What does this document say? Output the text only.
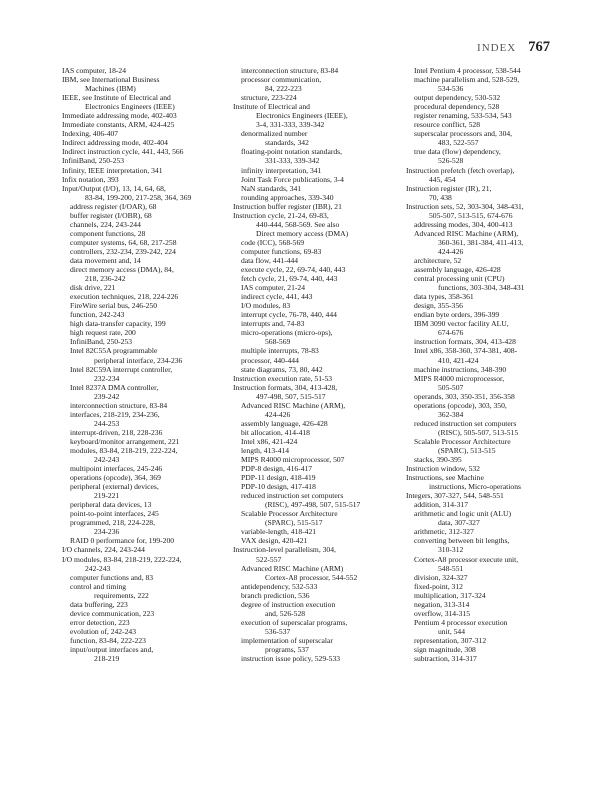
INDEX 767
IAS computer, 18-24
IBM, see International Business
Machines (IBM)
IEEE, see Institute of Electrical and
Electronics Engineers (IEEE)
Immediate addressing mode, 402-403
Immediate constants, ARM, 424-425
Indexing, 406-407
Indirect addressing mode, 402-404
Indirect instruction cycle, 441, 443, 566
InfiniBand, 250-253
Infinity, IEEE interpretation, 341
Infix notation, 393
Input/Output (I/O), 13, 14, 64, 68,
83-84, 199-200, 217-258, 364, 369
address register (I/OAR), 68
buffer register (I/OBR), 68
channels, 224, 243-244
component functions, 28
computer systems, 64, 68, 217-258
controllers, 232-234, 239-242, 224
data movement and, 14
direct memory access (DMA), 84,
218, 236-242
disk drive, 221
execution techniques, 218, 224-226
FireWire serial bus, 246-250
function, 242-243
high data-transfer capacity, 199
high request rate, 200
InfiniBand, 250-253
Intel 82C55A programmable
peripheral interface, 234-236
Intel 82C59A interrupt controller,
232-234
Intel 8237A DMA controller,
239-242
interconnection structure, 83-84
interfaces, 218-219, 234-236,
244-253
interrupt-driven, 218, 228-236
keyboard/monitor arrangement, 221
modules, 83-84, 218-219, 222-224,
242-243
multipoint interfaces, 245-246
operations (opcode), 364, 369
peripheral (external) devices,
219-221
peripheral data devices, 13
point-to-point interfaces, 245
programmed, 218, 224-228,
234-236
RAID 0 performance for, 199-200
I/O channels, 224, 243-244
I/O modules, 83-84, 218-219, 222-224,
242-243
computer functions and, 83
control and timing
requirements, 222
data buffering, 223
device communication, 223
error detection, 223
evolution of, 242-243
function, 83-84, 222-223
input/output interfaces and,
218-219
interconnection structure, 83-84
processor communication,
84, 222-223
structure, 223-224
Institute of Electrical and
Electronics Engineers (IEEE),
3-4, 331-333, 339-342
denormalized number
standards, 342
floating-point notation standards,
331-333, 339-342
infinity interpretation, 341
Joint Task Force publications, 3-4
NaN standards, 341
rounding approaches, 339-340
Instruction buffer register (IBR), 21
Instruction cycle, 21-24, 69-83,
440-444, 568-569. See also
Direct memory access (DMA)
code (ICC), 568-569
computer functions, 69-83
data flow, 441-444
execute cycle, 22, 69-74, 440, 443
fetch cycle, 21, 69-74, 440, 443
IAS computer, 21-24
indirect cycle, 441, 443
I/O modules, 83
interrupt cycle, 76-78, 440, 444
interrupts and, 74-83
micro-operations (micro-ops),
568-569
multiple interrupts, 78-83
processor, 440-444
state diagrams, 73, 80, 442
Instruction execution rate, 51-53
Instruction formats, 304, 413-428,
497-498, 507, 515-517
Advanced RISC Machine (ARM),
424-426
assembly language, 426-428
bit allocation, 414-418
Intel x86, 421-424
length, 413-414
MIPS R4000 microprocessor, 507
PDP-8 design, 416-417
PDP-11 design, 418-419
PDP-10 design, 417-418
reduced instruction set computers
(RISC), 497-498, 507, 515-517
Scalable Processor Architecture
(SPARC), 515-517
variable-length, 418-421
VAX design, 420-421
Instruction-level parallelism, 304,
522-557
Advanced RISC Machine (ARM)
Cortex-A8 processor, 544-552
antidependency, 532-533
branch prediction, 536
degree of instruction execution
and, 526-528
execution of superscalar programs,
536-537
implementation of superscalar
programs, 537
instruction issue policy, 529-533
Intel Pentium 4 processor, 538-544
machine parallelism and, 528-529,
534-536
output dependency, 530-532
procedural dependency, 528
register renaming, 533-534, 543
resource conflict, 528
superscalar processors and, 304,
483, 522-557
true data (flow) dependency,
526-528
Instruction prefetch (fetch overlap),
445, 454
Instruction register (IR), 21,
70, 438
Instruction sets, 52, 303-304, 348-431,
505-507, 513-515, 674-676
addressing modes, 304, 400-413
Advanced RISC Machine (ARM),
360-361, 381-384, 411-413,
424-426
architecture, 52
assembly language, 426-428
central processing unit (CPU)
functions, 303-304, 348-431
data types, 358-361
design, 355-356
endian byte orders, 396-399
IBM 3090 vector facility ALU,
674-676
instruction formats, 304, 413-428
Intel x86, 358-360, 374-381, 408-
410, 421-424
machine instructions, 348-390
MIPS R4000 microprocessor,
505-507
operands, 303, 350-351, 356-358
operations (opcode), 303, 350,
362-384
reduced instruction set computers
(RISC), 505-507, 513-515
Scalable Processor Architecture
(SPARC), 513-515
stacks, 390-395
Instruction window, 532
Instructions, see Machine
instructions, Micro-operations
Integers, 307-327, 544, 548-551
addition, 314-317
arithmetic and logic unit (ALU)
data, 307-327
arithmetic, 312-327
converting between bit lengths,
310-312
Cortex-A8 processor execute unit,
548-551
division, 324-327
fixed-point, 312
multiplication, 317-324
negation, 313-314
overflow, 314-315
Pentium 4 processor execution
unit, 544
representation, 307-312
sign magnitude, 308
subtraction, 314-317
